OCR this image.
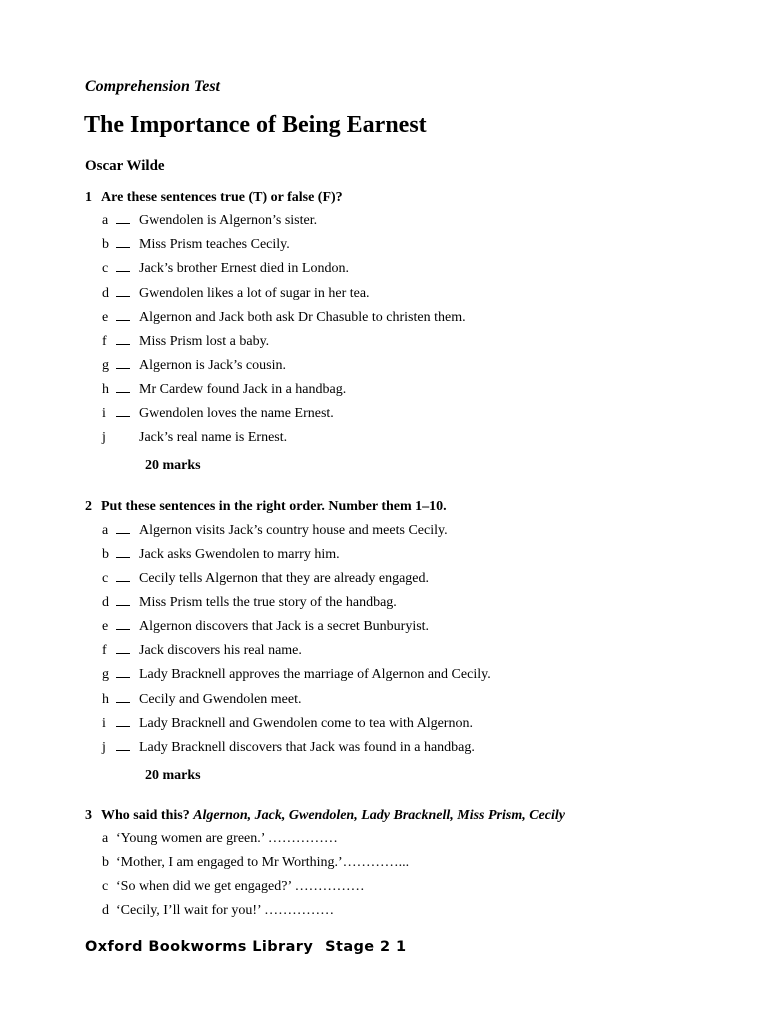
Comprehension Test
The Importance of Being Earnest
Oscar Wilde
1 Are these sentences true (T) or false (F)?
a Gwendolen is Algernon’s sister.
b Miss Prism teaches Cecily.
c Jack’s brother Ernest died in London.
d Gwendolen likes a lot of sugar in her tea.
e Algernon and Jack both ask Dr Chasuble to christen them.
f Miss Prism lost a baby.
g Algernon is Jack’s cousin.
h Mr Cardew found Jack in a handbag.
i Gwendolen loves the name Ernest.
j Jack’s real name is Ernest.
20 marks
2 Put these sentences in the right order. Number them 1–10.
a Algernon visits Jack’s country house and meets Cecily.
b Jack asks Gwendolen to marry him.
c Cecily tells Algernon that they are already engaged.
d Miss Prism tells the true story of the handbag.
e Algernon discovers that Jack is a secret Bunburyist.
f Jack discovers his real name.
g Lady Bracknell approves the marriage of Algernon and Cecily.
h Cecily and Gwendolen meet.
i Lady Bracknell and Gwendolen come to tea with Algernon.
j Lady Bracknell discovers that Jack was found in a handbag.
20 marks
3 Who said this? Algernon, Jack, Gwendolen, Lady Bracknell, Miss Prism, Cecily
a ‘Young women are green.’ ……………
b ‘Mother, I am engaged to Mr Worthing.’…………...
c ‘So when did we get engaged?’ ……………
d ‘Cecily, I’ll wait for you!’ ……………
Oxford Bookworms Library Stage 2 1
